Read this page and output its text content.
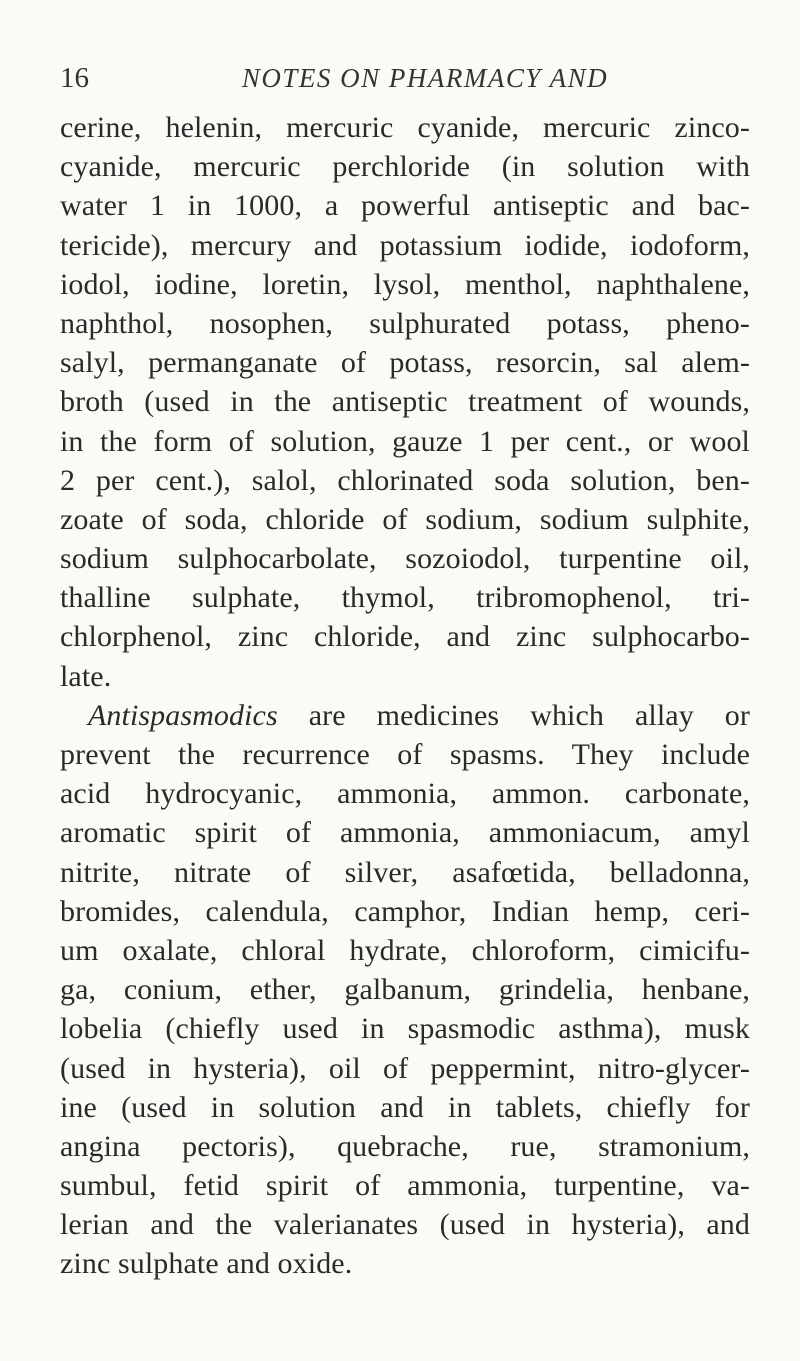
16	NOTES ON PHARMACY AND
cerine, helenin, mercuric cyanide, mercuric zinco-
cyanide, mercuric perchloride (in solution with
water 1 in 1000, a powerful antiseptic and bac-
tericide), mercury and potassium iodide, iodoform,
iodol, iodine, loretin, lysol, menthol, naphthalene,
naphthol, nosophen, sulphurated potass, pheno-
salyl, permanganate of potass, resorcin, sal alem-
broth (used in the antiseptic treatment of wounds,
in the form of solution, gauze 1 per cent., or wool
2 per cent.), salol, chlorinated soda solution, ben-
zoate of soda, chloride of sodium, sodium sulphite,
sodium sulphocarbolate, sozoiodol, turpentine oil,
thalline sulphate, thymol, tribromophenol, tri-
chlorphenol, zinc chloride, and zinc sulphocarbo-
late.
Antispasmodics are medicines which allay or
prevent the recurrence of spasms. They include
acid hydrocyanic, ammonia, ammon. carbonate,
aromatic spirit of ammonia, ammoniacum, amyl
nitrite, nitrate of silver, asafœtida, belladonna,
bromides, calendula, camphor, Indian hemp, ceri-
um oxalate, chloral hydrate, chloroform, cimicifu-
ga, conium, ether, galbanum, grindelia, henbane,
lobelia (chiefly used in spasmodic asthma), musk
(used in hysteria), oil of peppermint, nitro-glycer-
ine (used in solution and in tablets, chiefly for
angina pectoris), quebrache, rue, stramonium,
sumbul, fetid spirit of ammonia, turpentine, va-
lerian and the valerianates (used in hysteria), and
zinc sulphate and oxide.
